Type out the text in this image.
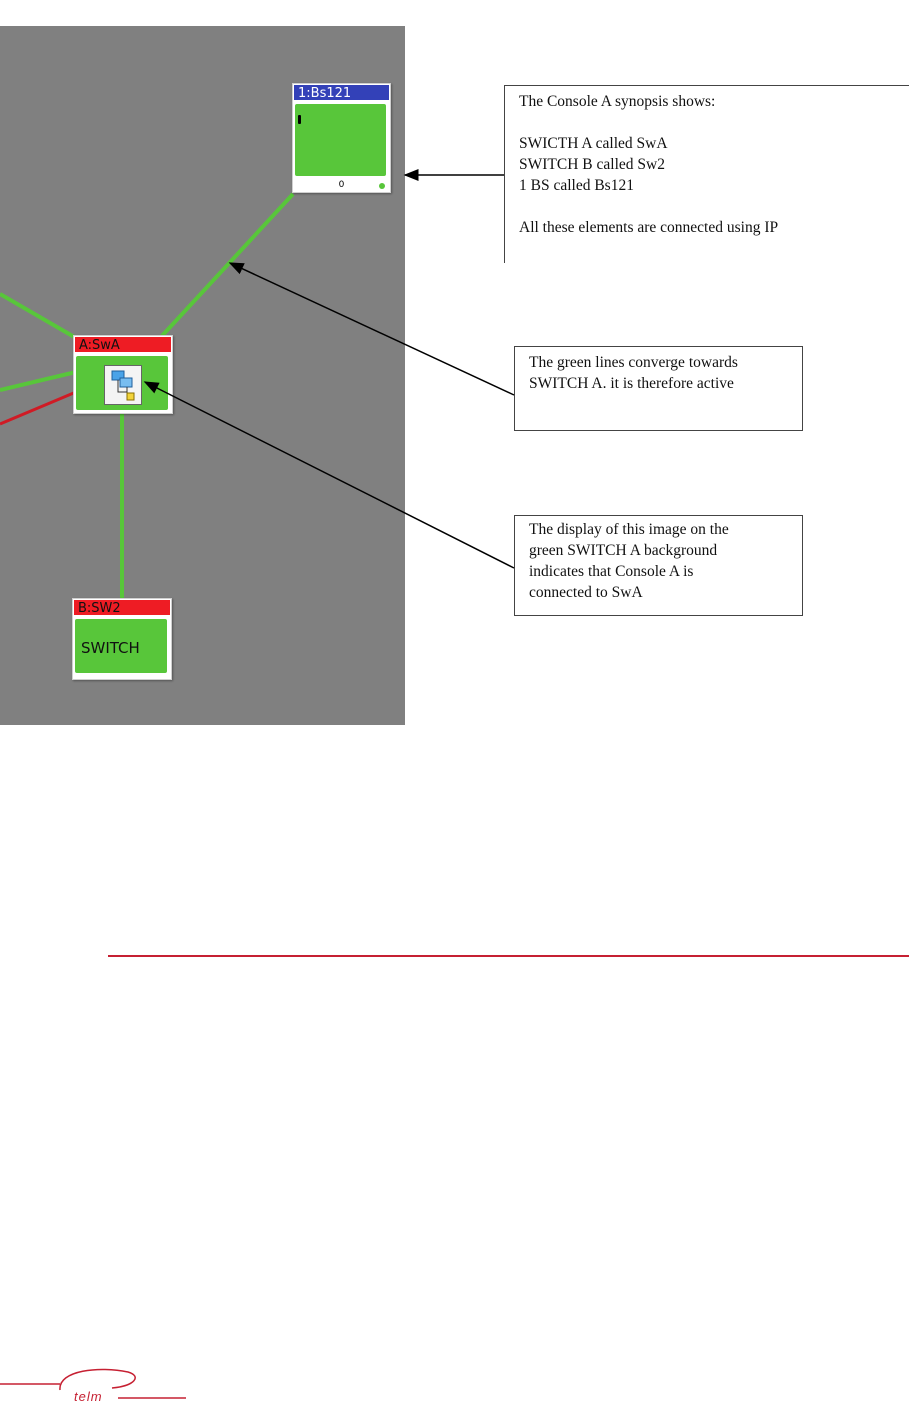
1:Bs121
0
A:SwA
B:SW2
SWITCH
The Console A synopsis shows:

SWICTH A called SwA
SWITCH B called Sw2
1 BS called Bs121

All these elements are connected using IP
The green lines converge towards
SWITCH A. it is therefore active
The display of this image on the
green SWITCH A background
indicates that Console A is
connected to SwA
telm
